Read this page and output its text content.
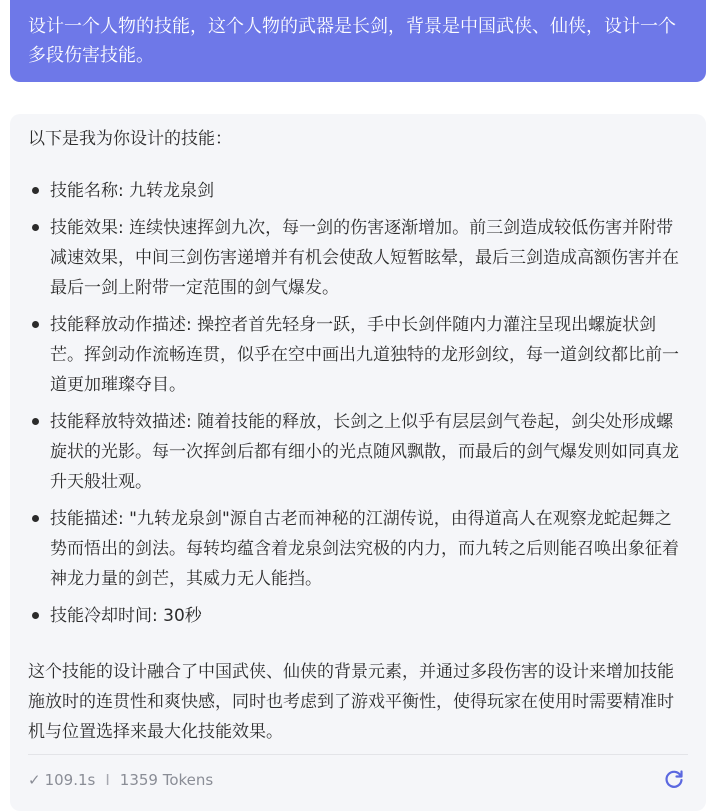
设计一个人物的技能，这个人物的武器是长剑，背景是中国武侠、仙侠，设计一个多段伤害技能。
以下是我为你设计的技能：
技能名称: 九转龙泉剑
技能效果: 连续快速挥剑九次，每一剑的伤害逐渐增加。前三剑造成较低伤害并附带减速效果，中间三剑伤害递增并有机会使敌人短暂眩晕，最后三剑造成高额伤害并在最后一剑上附带一定范围的剑气爆发。
技能释放动作描述: 操控者首先轻身一跃，手中长剑伴随内力灌注呈现出螺旋状剑芒。挥剑动作流畅连贯，似乎在空中画出九道独特的龙形剑纹，每一道剑纹都比前一道更加璀璨夺目。
技能释放特效描述: 随着技能的释放，长剑之上似乎有层层剑气卷起，剑尖处形成螺旋状的光影。每一次挥剑后都有细小的光点随风飘散，而最后的剑气爆发则如同真龙升天般壮观。
技能描述: "九转龙泉剑"源自古老而神秘的江湖传说，由得道高人在观察龙蛇起舞之势而悟出的剑法。每转均蕴含着龙泉剑法究极的内力，而九转之后则能召唤出象征着神龙力量的剑芒，其威力无人能挡。
技能冷却时间: 30秒
这个技能的设计融合了中国武侠、仙侠的背景元素，并通过多段伤害的设计来增加技能施放时的连贯性和爽快感，同时也考虑到了游戏平衡性，使得玩家在使用时需要精准时机与位置选择来最大化技能效果。
✓ 109.1s I 1359 Tokens
